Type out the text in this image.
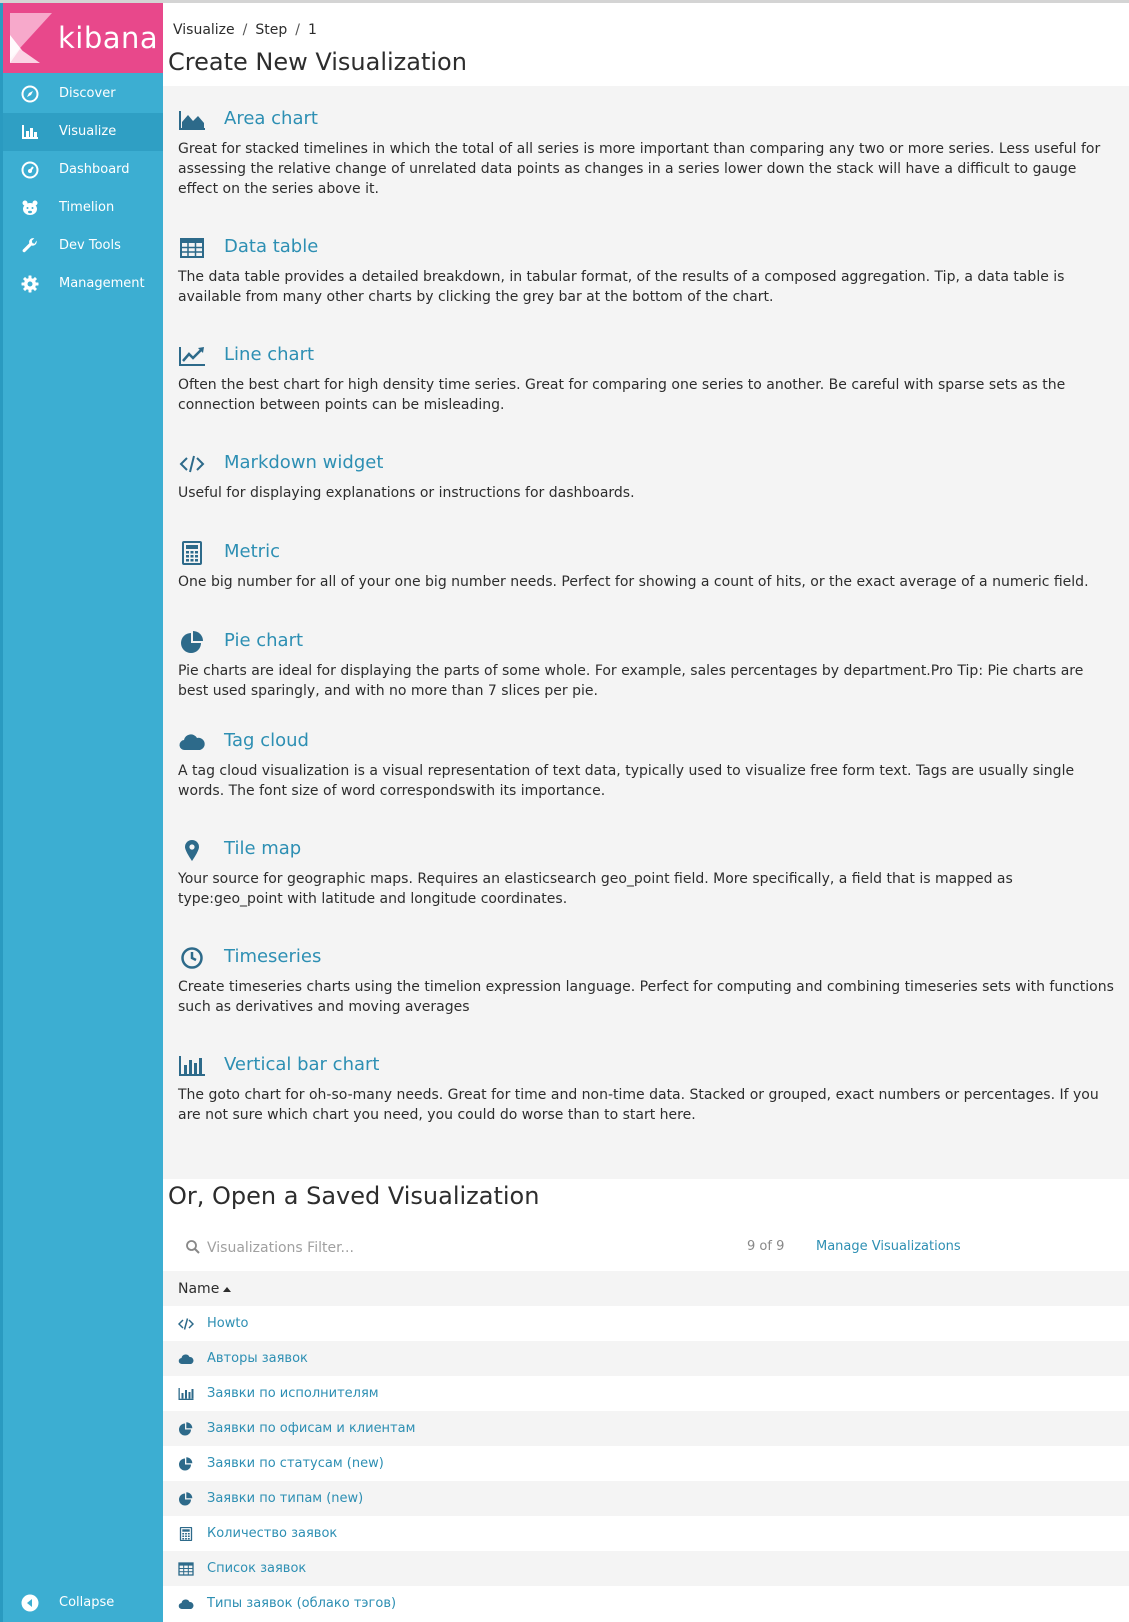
kibana
Discover
Visualize
Dashboard
Timelion
Dev Tools
Management
Collapse
Visualize / Step / 1
Create New Visualization
Area chart
Great for stacked timelines in which the total of all series is more important than comparing any two or more series. Less useful for assessing the relative change of unrelated data points as changes in a series lower down the stack will have a difficult to gauge effect on the series above it.
Data table
The data table provides a detailed breakdown, in tabular format, of the results of a composed aggregation. Tip, a data table is available from many other charts by clicking the grey bar at the bottom of the chart.
Line chart
Often the best chart for high density time series. Great for comparing one series to another. Be careful with sparse sets as the connection between points can be misleading.
Markdown widget
Useful for displaying explanations or instructions for dashboards.
Metric
One big number for all of your one big number needs. Perfect for showing a count of hits, or the exact average of a numeric field.
Pie chart
Pie charts are ideal for displaying the parts of some whole. For example, sales percentages by department.Pro Tip: Pie charts are best used sparingly, and with no more than 7 slices per pie.
Tag cloud
A tag cloud visualization is a visual representation of text data, typically used to visualize free form text. Tags are usually single words. The font size of word correspondswith its importance.
Tile map
Your source for geographic maps. Requires an elasticsearch geo_point field. More specifically, a field that is mapped as type:geo_point with latitude and longitude coordinates.
Timeseries
Create timeseries charts using the timelion expression language. Perfect for computing and combining timeseries sets with functions such as derivatives and moving averages
Vertical bar chart
The goto chart for oh-so-many needs. Great for time and non-time data. Stacked or grouped, exact numbers or percentages. If you are not sure which chart you need, you could do worse than to start here.
Or, Open a Saved Visualization
Visualizations Filter...
9 of 9 Manage Visualizations
Name
Howto
Авторы заявок
Заявки по исполнителям
Заявки по офисам и клиентам
Заявки по статусам (new)
Заявки по типам (new)
Количество заявок
Список заявок
Типы заявок (облако тэгов)
